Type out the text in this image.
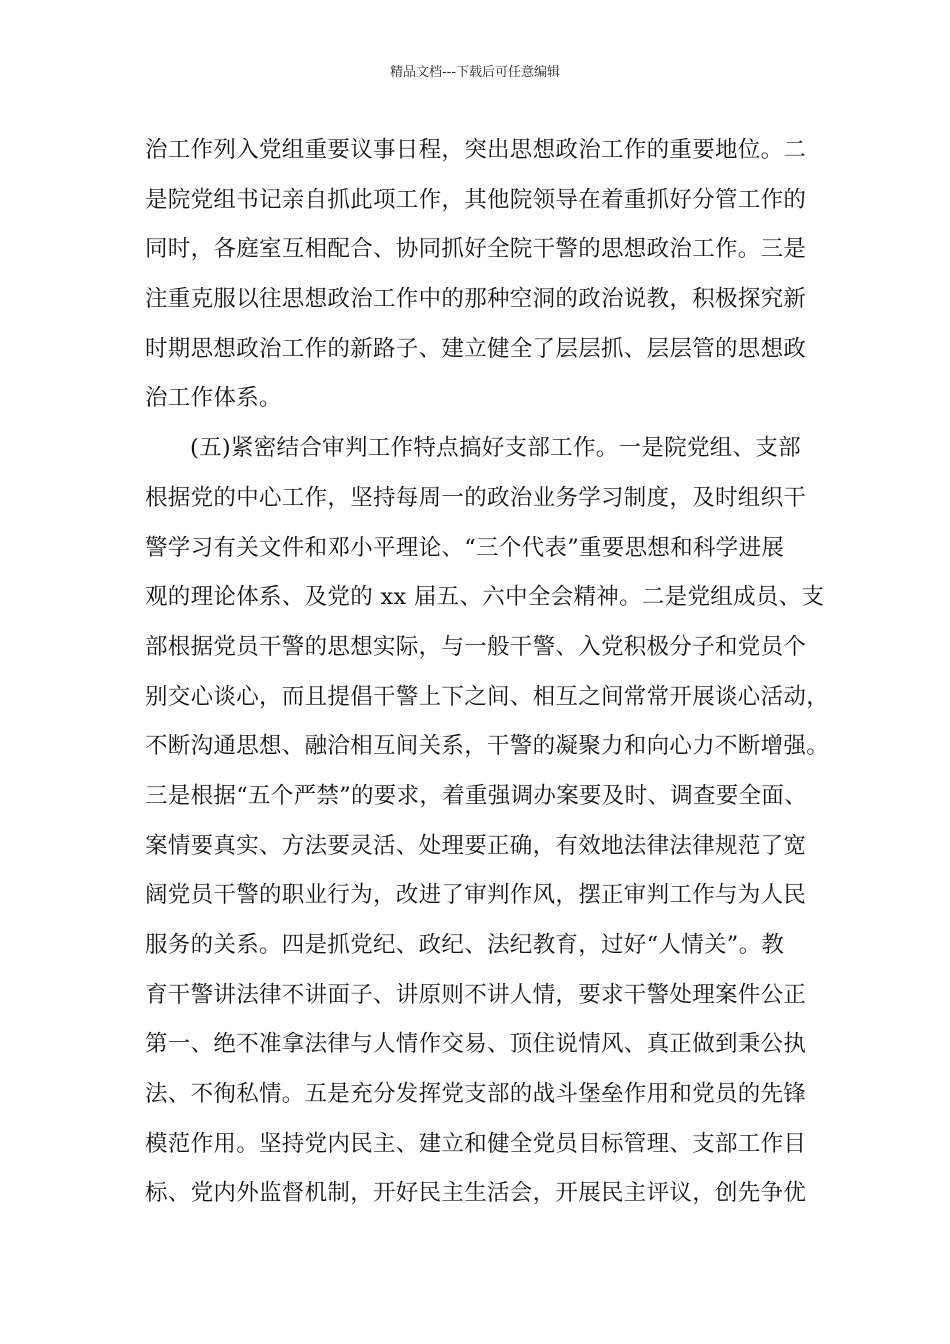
精品文档---下载后可任意编辑
治工作列入党组重要议事日程，突出思想政治工作的重要地位。二
是院党组书记亲自抓此项工作，其他院领导在着重抓好分管工作的
同时，各庭室互相配合、协同抓好全院干警的思想政治工作。三是
注重克服以往思想政治工作中的那种空洞的政治说教，积极探究新
时期思想政治工作的新路子、建立健全了层层抓、层层管的思想政
治工作体系。
(五)紧密结合审判工作特点搞好支部工作。一是院党组、支部
根据党的中心工作，坚持每周一的政治业务学习制度，及时组织干
警学习有关文件和邓小平理论、“三个代表”重要思想和科学进展
观的理论体系、及党的 xx 届五、六中全会精神。二是党组成员、支
部根据党员干警的思想实际，与一般干警、入党积极分子和党员个
别交心谈心，而且提倡干警上下之间、相互之间常常开展谈心活动，
不断沟通思想、融洽相互间关系，干警的凝聚力和向心力不断增强。
三是根据“五个严禁”的要求，着重强调办案要及时、调查要全面、
案情要真实、方法要灵活、处理要正确，有效地法律法律规范了宽
阔党员干警的职业行为，改进了审判作风，摆正审判工作与为人民
服务的关系。四是抓党纪、政纪、法纪教育，过好“人情关”。教
育干警讲法律不讲面子、讲原则不讲人情，要求干警处理案件公正
第一、绝不准拿法律与人情作交易、顶住说情风、真正做到秉公执
法、不徇私情。五是充分发挥党支部的战斗堡垒作用和党员的先锋
模范作用。坚持党内民主、建立和健全党员目标管理、支部工作目
标、党内外监督机制，开好民主生活会，开展民主评议，创先争优
